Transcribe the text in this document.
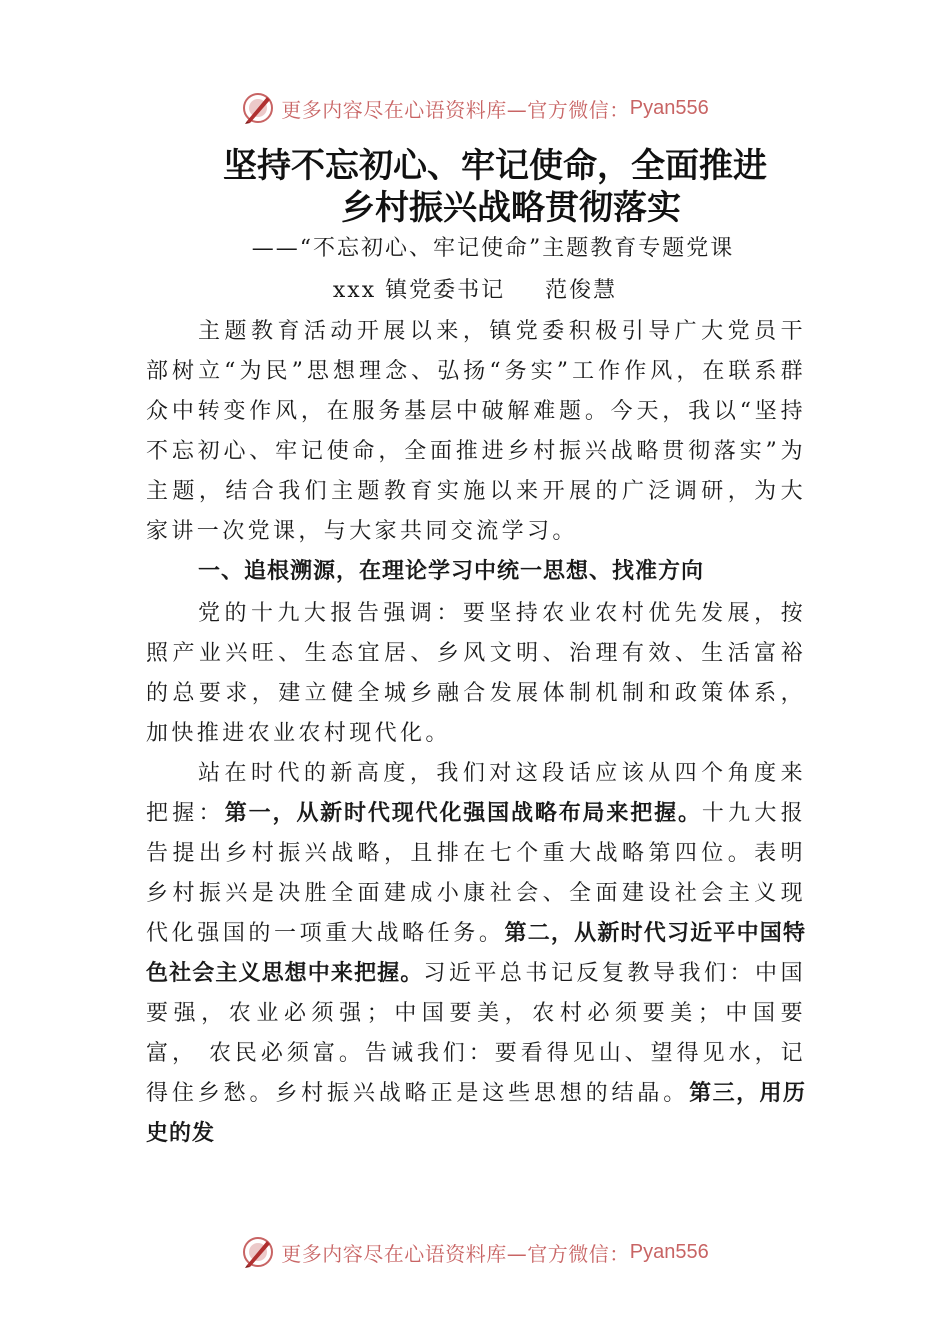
更多内容尽在心语资料库—官方微信： Pyan556
坚持不忘初心、牢记使命，全面推进
乡村振兴战略贯彻落实
——“不忘初心、牢记使命”主题教育专题党课
xxx 镇党委书记 范俊慧
主题教育活动开展以来，镇党委积极引导广大党员干部树立“为民”思想理念、弘扬“务实”工作作风，在联系群众中转变作风，在服务基层中破解难题。今天，我以“坚持不忘初心、牢记使命，全面推进乡村振兴战略贯彻落实”为主题，结合我们主题教育实施以来开展的广泛调研，为大家讲一次党课，与大家共同交流学习。
一、追根溯源，在理论学习中统一思想、找准方向
党的十九大报告强调：要坚持农业农村优先发展，按照产业兴旺、生态宜居、乡风文明、治理有效、生活富裕的总要求，建立健全城乡融合发展体制机制和政策体系，加快推进农业农村现代化。
站在时代的新高度，我们对这段话应该从四个角度来把握：第一，从新时代现代化强国战略布局来把握。十九大报告提出乡村振兴战略，且排在七个重大战略第四位。表明乡村振兴是决胜全面建成小康社会、全面建设社会主义现代化强国的一项重大战略任务。第二，从新时代习近平中国特色社会主义思想中来把握。习近平总书记反复教导我们：中国要强，农业必须强；中国要美，农村必须要美；中国要富， 农民必须富。告诫我们：要看得见山、望得见水，记得住乡愁。乡村振兴战略正是这些思想的结晶。第三，用历史的发
更多内容尽在心语资料库—官方微信： Pyan556
